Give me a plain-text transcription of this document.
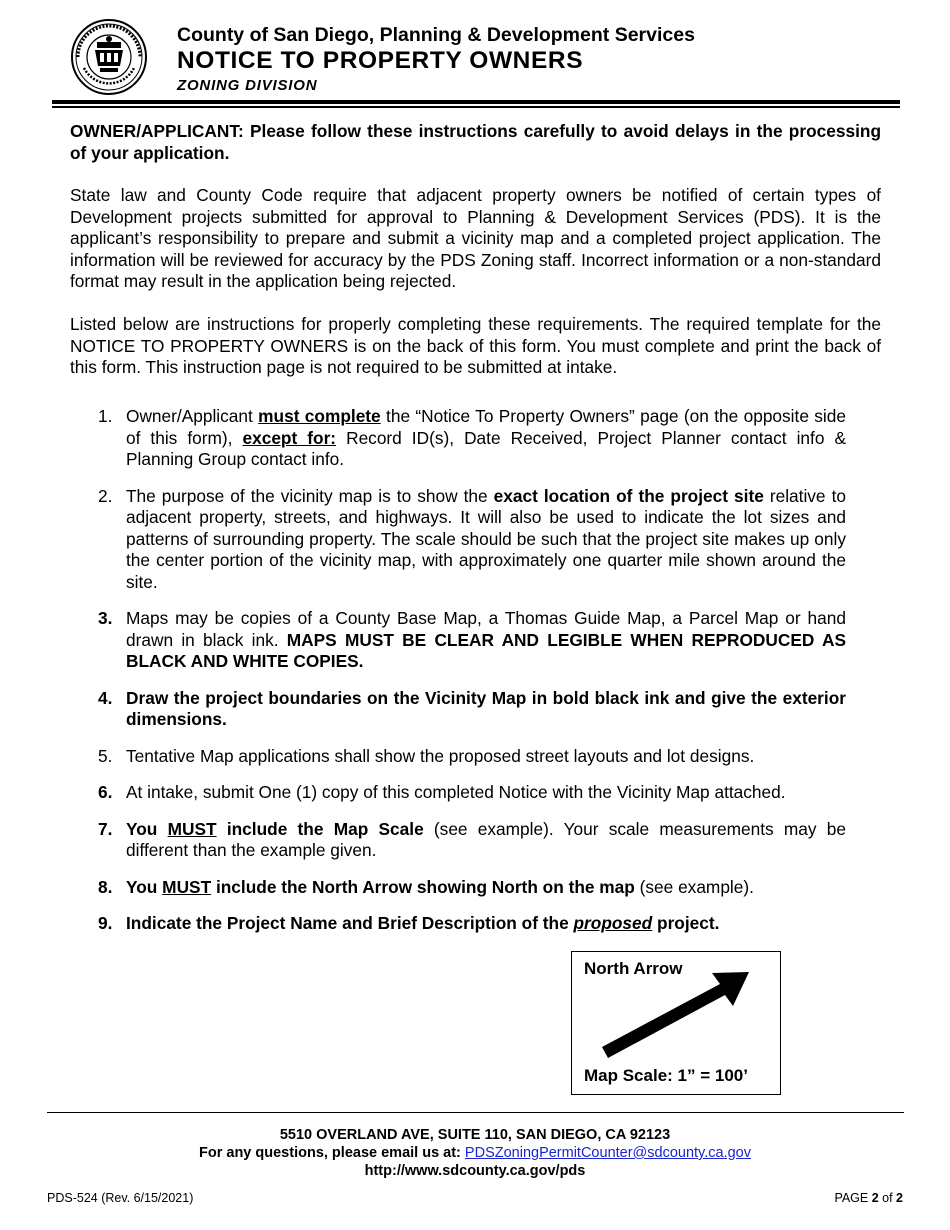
County of San Diego, Planning & Development Services
NOTICE TO PROPERTY OWNERS
ZONING DIVISION
OWNER/APPLICANT: Please follow these instructions carefully to avoid delays in the processing of your application.
State law and County Code require that adjacent property owners be notified of certain types of Development projects submitted for approval to Planning & Development Services (PDS). It is the applicant’s responsibility to prepare and submit a vicinity map and a completed project application. The information will be reviewed for accuracy by the PDS Zoning staff. Incorrect information or a non-standard format may result in the application being rejected.
Listed below are instructions for properly completing these requirements. The required template for the NOTICE TO PROPERTY OWNERS is on the back of this form. You must complete and print the back of this form. This instruction page is not required to be submitted at intake.
1. Owner/Applicant must complete the “Notice To Property Owners” page (on the opposite side of this form), except for: Record ID(s), Date Received, Project Planner contact info & Planning Group contact info.
2. The purpose of the vicinity map is to show the exact location of the project site relative to adjacent property, streets, and highways. It will also be used to indicate the lot sizes and patterns of surrounding property. The scale should be such that the project site makes up only the center portion of the vicinity map, with approximately one quarter mile shown around the site.
3. Maps may be copies of a County Base Map, a Thomas Guide Map, a Parcel Map or hand drawn in black ink. MAPS MUST BE CLEAR AND LEGIBLE WHEN REPRODUCED AS BLACK AND WHITE COPIES.
4. Draw the project boundaries on the Vicinity Map in bold black ink and give the exterior dimensions.
5. Tentative Map applications shall show the proposed street layouts and lot designs.
6. At intake, submit One (1) copy of this completed Notice with the Vicinity Map attached.
7. You MUST include the Map Scale (see example). Your scale measurements may be different than the example given.
8. You MUST include the North Arrow showing North on the map (see example).
9. Indicate the Project Name and Brief Description of the proposed project.
North Arrow
Map Scale: 1” = 100’
5510 OVERLAND AVE, SUITE 110, SAN DIEGO, CA 92123
For any questions, please email us at: PDSZoningPermitCounter@sdcounty.ca.gov
http://www.sdcounty.ca.gov/pds
PDS-524 (Rev. 6/15/2021)	PAGE 2 of 2
